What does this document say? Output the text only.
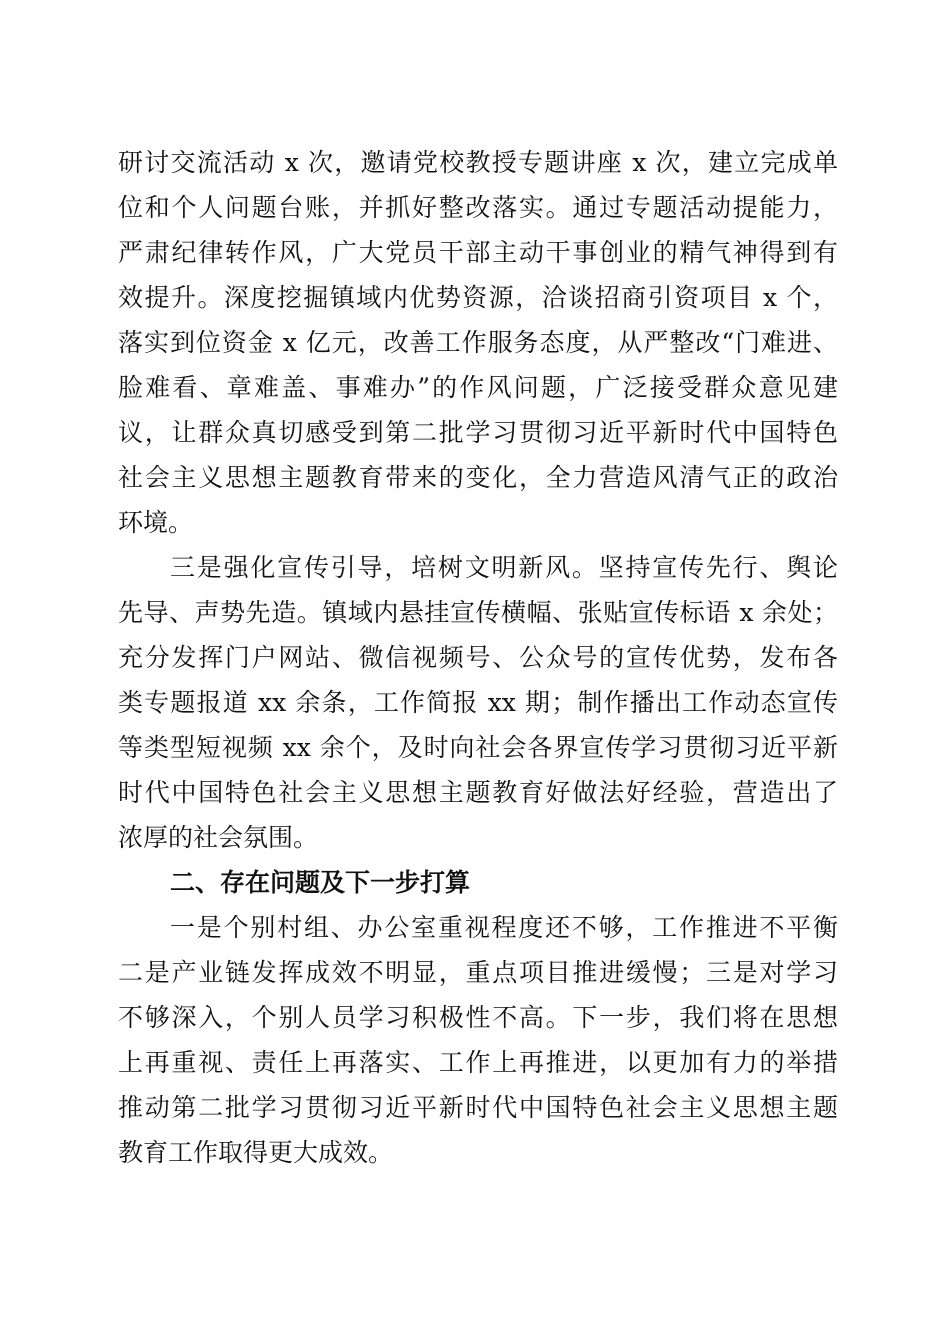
研讨交流活动 x 次，邀请党校教授专题讲座 x 次，建立完成单
位和个人问题台账，并抓好整改落实。通过专题活动提能力，
严肃纪律转作风，广大党员干部主动干事创业的精气神得到有
效提升。深度挖掘镇域内优势资源，洽谈招商引资项目 x 个，
落实到位资金 x 亿元，改善工作服务态度，从严整改“门难进、
脸难看、章难盖、事难办”的作风问题，广泛接受群众意见建
议，让群众真切感受到第二批学习贯彻习近平新时代中国特色
社会主义思想主题教育带来的变化，全力营造风清气正的政治
环境。
三是强化宣传引导，培树文明新风。坚持宣传先行、舆论
先导、声势先造。镇域内悬挂宣传横幅、张贴宣传标语 x 余处；
充分发挥门户网站、微信视频号、公众号的宣传优势，发布各
类专题报道 xx 余条，工作简报 xx 期；制作播出工作动态宣传
等类型短视频 xx 余个，及时向社会各界宣传学习贯彻习近平新
时代中国特色社会主义思想主题教育好做法好经验，营造出了
浓厚的社会氛围。
二、存在问题及下一步打算
一是个别村组、办公室重视程度还不够，工作推进不平衡
二是产业链发挥成效不明显，重点项目推进缓慢；三是对学习
不够深入，个别人员学习积极性不高。下一步，我们将在思想
上再重视、责任上再落实、工作上再推进，以更加有力的举措
推动第二批学习贯彻习近平新时代中国特色社会主义思想主题
教育工作取得更大成效。
